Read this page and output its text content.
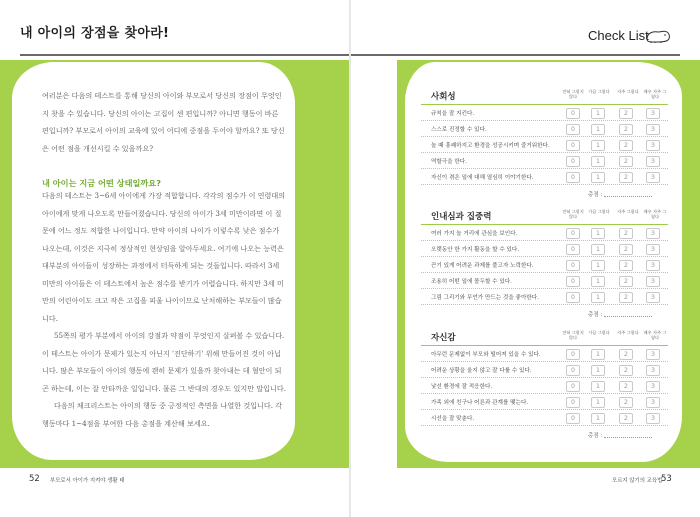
내 아이의 장점을 찾아라!

여러분은 다음의 테스트를 통해 당신의 아이와 부모로서 당신의 장점이 무엇인지 찾을 수 있습니다. 당신의 아이는 고집이 센 편입니까? 아니면 행동이 바른 편입니까? 부모로서 아이의 교육에 있어 어디에 중점을 두어야 할까요? 또 당신은 어떤 점을 개선시킬 수 있을까요?

내 아이는 지금 어떤 상태일까요?

다음의 테스트는 3~6세 아이에게 가장 적합합니다. 각각의 점수가 이 연령대의 아이에게 맞게 나오도록 만들어졌습니다. 당신의 아이가 3세 미만이라면 이 질문에 어느 정도 적합한 나이입니다. 만약 아이의 나이가 이렇수록 낮은 점수가 나오는데, 이것은 지극히 정상적인 현상임을 알아두세요. 여기에 나오는 능력은 대부분의 아이들이 성장하는 과정에서 터득하게 되는 것들입니다. 따라서 3세 미만의 아이들은 이 테스트에서 높은 점수를 받기가 어렵습니다. 하지만 3세 미만의 어린아이도 크고 작은 고집을 피울 나이이므로 난처해하는 부모들이 많습니다.

55쪽의 평가 부분에서 아이의 강점과 약점이 무엇인지 살펴볼 수 있습니다. 이 테스트는 아이가 문제가 있는지 아닌지 '진단하기' 위해 만들어진 것이 아닙니다. 많은 부모들이 아이의 행동에 괜히 문제가 있을까 찾아내는 데 혈안이 되곤 하는데, 이는 잘 안타까운 일입니다. 물론 그 반대의 경우도 있지만 말입니다.

다음의 체크리스트는 아이의 행동 중 긍정적인 측면을 나열한 것입니다. 각 행동마다 1~4점을 부여한 다음 총점을 계산해 보세요.

52 부모로서 아이가 지켜야 생활 태	53
모르지 않기의 교육법
Check List
사회성
전혀 그렇지 않다
가끔 그렇다 자주 그렇다 매우 자주 그렇다
규칙을 잘 지킨다.	0	1	2	3
스스로 진정할 수 있다.	0	1	2	3
놀 때 흥쾌하지고 환경을 성공시키며 즐거워한다.	0	1	2	3
역할극을 한다.	0	1	2	3
자신이 겪은 일에 대해 열심히 이야기한다.	0	1	2	3
총점 :
인내심과 집중력
전혀 그렇지 않다
가끔 그렇다 자주 그렇다 매우 자주 그렇다
여러 가지 놀 거리에 관심을 보인다.	0	1	2	3
오랫동안 한 가지 활동을 할 수 있다.	0	1	2	3
끈기 있게 어려운 과제를 풀고자 노력한다.	0	1	2	3
조용히 어떤 일에 몰두할 수 있다.	0	1	2	3
그림 그리기와 무언가 만드는 것을 좋아한다.	0	1	2	3
총점 :
자신감
전혀 그렇지 않다
가끔 그렇다 자주 그렇다 매우 자주 그렇다
아무런 문제없이 부모와 떨어져 있을 수 있다.	0	1	2	3
어려운 상황을 울지 않고 잘 다룰 수 있다.	0	1	2	3
낯선 환경에 잘 적응한다.	0	1	2	3
가족 외에 친구나 어른과 관계를 맺는다.	0	1	2	3
시선을 잘 맞춘다.	0	1	2	3
총점 :
